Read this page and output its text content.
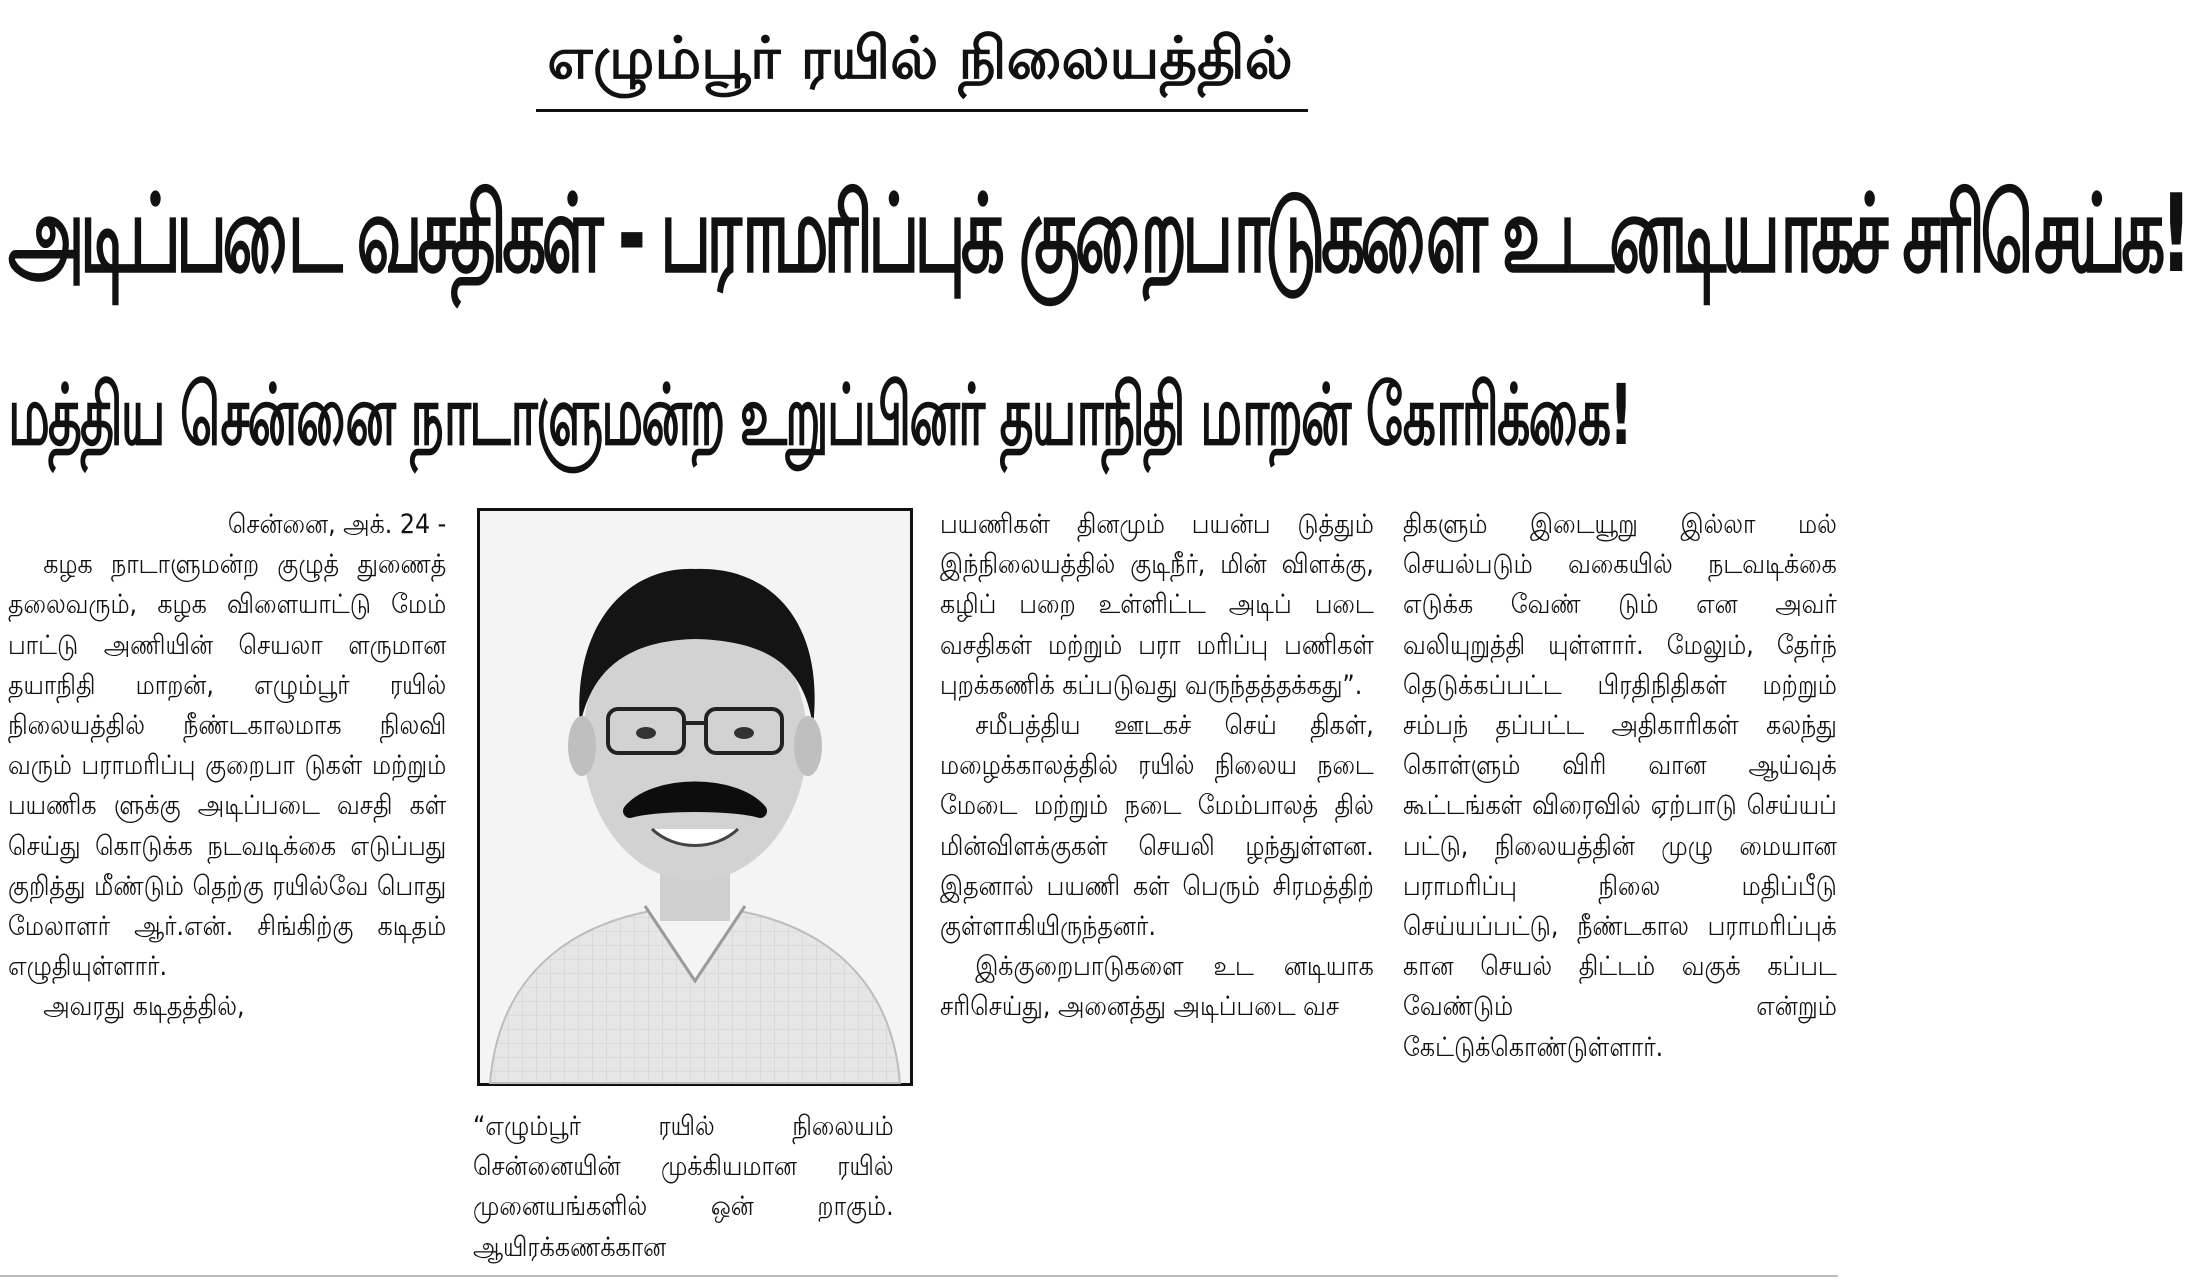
எழும்பூர் ரயில் நிலையத்தில்
அடிப்படை வசதிகள் - பராமரிப்புக் குறைபாடுகளை உடனடியாகச் சரிசெய்க!
மத்திய சென்னை நாடாளுமன்ற உறுப்பினர் தயாநிதி மாறன் கோரிக்கை!

சென்னை, அக். 24 -

கழக நாடாளுமன்ற குழுத் துணைத் தலைவரும், கழக விளையாட்டு மேம் பாட்டு அணியின் செயலா ளருமான தயாநிதி மாறன், எழும்பூர் ரயில் நிலையத்தில் நீண்டகாலமாக நிலவி வரும் பராமரிப்பு குறைபா டுகள் மற்றும் பயணிக ளுக்கு அடிப்படை வசதி கள் செய்து கொடுக்க நடவடிக்கை எடுப்பது குறித்து மீண்டும் தெற்கு ரயில்வே பொது மேலாளர் ஆர்.என். சிங்கிற்கு கடிதம் எழுதியுள்ளார்.

அவரது கடிதத்தில்,

“எழும்பூர் ரயில் நிலையம் சென்னையின் முக்கியமான ரயில் முனையங்களில் ஒன் றாகும். ஆயிரக்கணக்கான

பயணிகள் தினமும் பயன்ப டுத்தும் இந்நிலையத்தில் குடிநீர், மின் விளக்கு, கழிப் பறை உள்ளிட்ட அடிப் படை வசதிகள் மற்றும் பரா மரிப்பு பணிகள் புறக்கணிக் கப்படுவது வருந்தத்தக்கது”.

சமீபத்திய ஊடகச் செய் திகள், மழைக்காலத்தில் ரயில் நிலைய நடை மேடை மற்றும் நடை மேம்பாலத் தில் மின்விளக்குகள் செயலி ழந்துள்ளன. இதனால் பயணி கள் பெரும் சிரமத்திற் குள்ளாகியிருந்தனர்.

இக்குறைபாடுகளை உட னடியாக சரிசெய்து, அனைத்து அடிப்படை வச

திகளும் இடையூறு இல்லா மல் செயல்படும் வகையில் நடவடிக்கை எடுக்க வேண் டும் என அவர் வலியுறுத்தி யுள்ளார். மேலும், தேர்ந் தெடுக்கப்பட்ட பிரதிநிதிகள் மற்றும் சம்பந் தப்பட்ட அதிகாரிகள் கலந்து கொள்ளும் விரி வான ஆய்வுக் கூட்டங்கள் விரைவில் ஏற்பாடு செய்யப் பட்டு, நிலையத்தின் முழு மையான பராமரிப்பு நிலை மதிப்பீடு செய்யப்பட்டு, நீண்டகால பராமரிப்புக் கான செயல் திட்டம் வகுக் கப்பட வேண்டும் என்றும் கேட்டுக்கொண்டுள்ளார்.
